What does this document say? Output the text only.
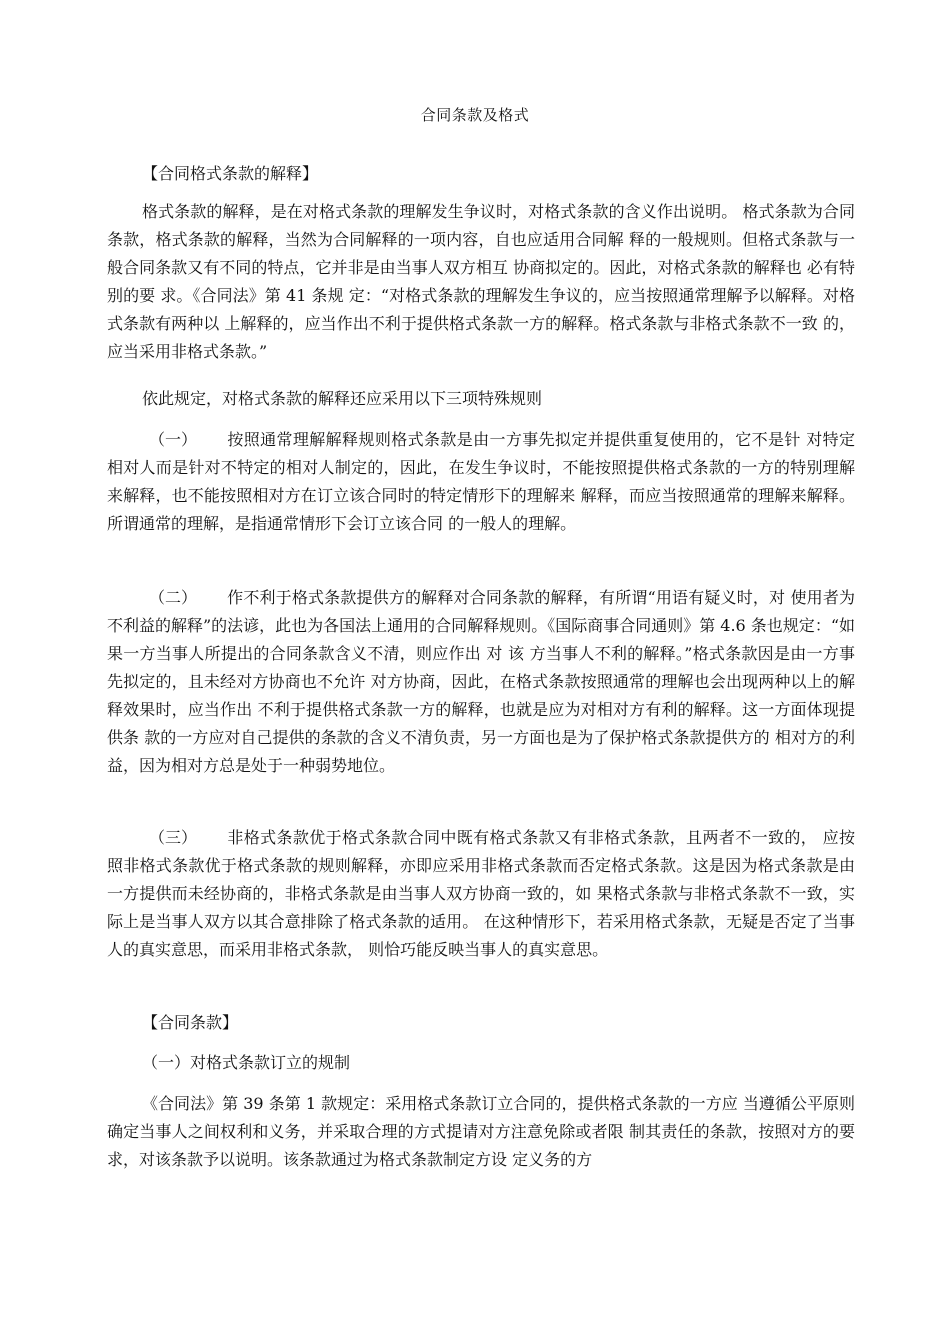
合同条款及格式
【合同格式条款的解释】

格式条款的解释，是在对格式条款的理解发生争议时，对格式条款的含义作出说明。 格式条款为合同条款，格式条款的解释，当然为合同解释的一项内容，自也应适用合同解 释的一般规则。但格式条款与一般合同条款又有不同的特点，它并非是由当事人双方相互 协商拟定的。因此，对格式条款的解释也 必有特别的要 求。《合同法》第 41 条规 定：“对格式条款的理解发生争议的，应当按照通常理解予以解释。对格式条款有两种以 上解释的，应当作出不利于提供格式条款一方的解释。格式条款与非格式条款不一致 的，应当采用非格式条款。”

依此规定，对格式条款的解释还应采用以下三项特殊规则

（一） 按照通常理解解释规则格式条款是由一方事先拟定并提供重复使用的，它不是针 对特定相对人而是针对不特定的相对人制定的，因此，在发生争议时，不能按照提供格式条款的一方的特别理解来解释，也不能按照相对方在订立该合同时的特定情形下的理解来 解释，而应当按照通常的理解来解释。所谓通常的理解，是指通常情形下会订立该合同 的一般人的理解。

（二） 作不利于格式条款提供方的解释对合同条款的解释，有所谓“用语有疑义时，对 使用者为不利益的解释”的法谚，此也为各国法上通用的合同解释规则。《国际商事合同通则》第 4.6 条也规定：“如果一方当事人所提出的合同条款含义不清，则应作出 对 该 方当事人不利的解释。”格式条款因是由一方事先拟定的，且未经对方协商也不允许 对方协商，因此，在格式条款按照通常的理解也会出现两种以上的解释效果时，应当作出 不利于提供格式条款一方的解释，也就是应为对相对方有利的解释。这一方面体现提供条 款的一方应对自己提供的条款的含义不清负责，另一方面也是为了保护格式条款提供方的 相对方的利益，因为相对方总是处于一种弱势地位。

（三） 非格式条款优于格式条款合同中既有格式条款又有非格式条款，且两者不一致的， 应按照非格式条款优于格式条款的规则解释，亦即应采用非格式条款而否定格式条款。这是因为格式条款是由一方提供而未经协商的，非格式条款是由当事人双方协商一致的，如 果格式条款与非格式条款不一致，实际上是当事人双方以其合意排除了格式条款的适用。 在这种情形下，若采用格式条款，无疑是否定了当事人的真实意思，而采用非格式条款， 则恰巧能反映当事人的真实意思。

【合同条款】
（一）对格式条款订立的规制

《合同法》第 39 条第 1 款规定：采用格式条款订立合同的，提供格式条款的一方应 当遵循公平原则确定当事人之间权利和义务，并采取合理的方式提请对方注意免除或者限 制其责任的条款，按照对方的要求，对该条款予以说明。该条款通过为格式条款制定方设 定义务的方
